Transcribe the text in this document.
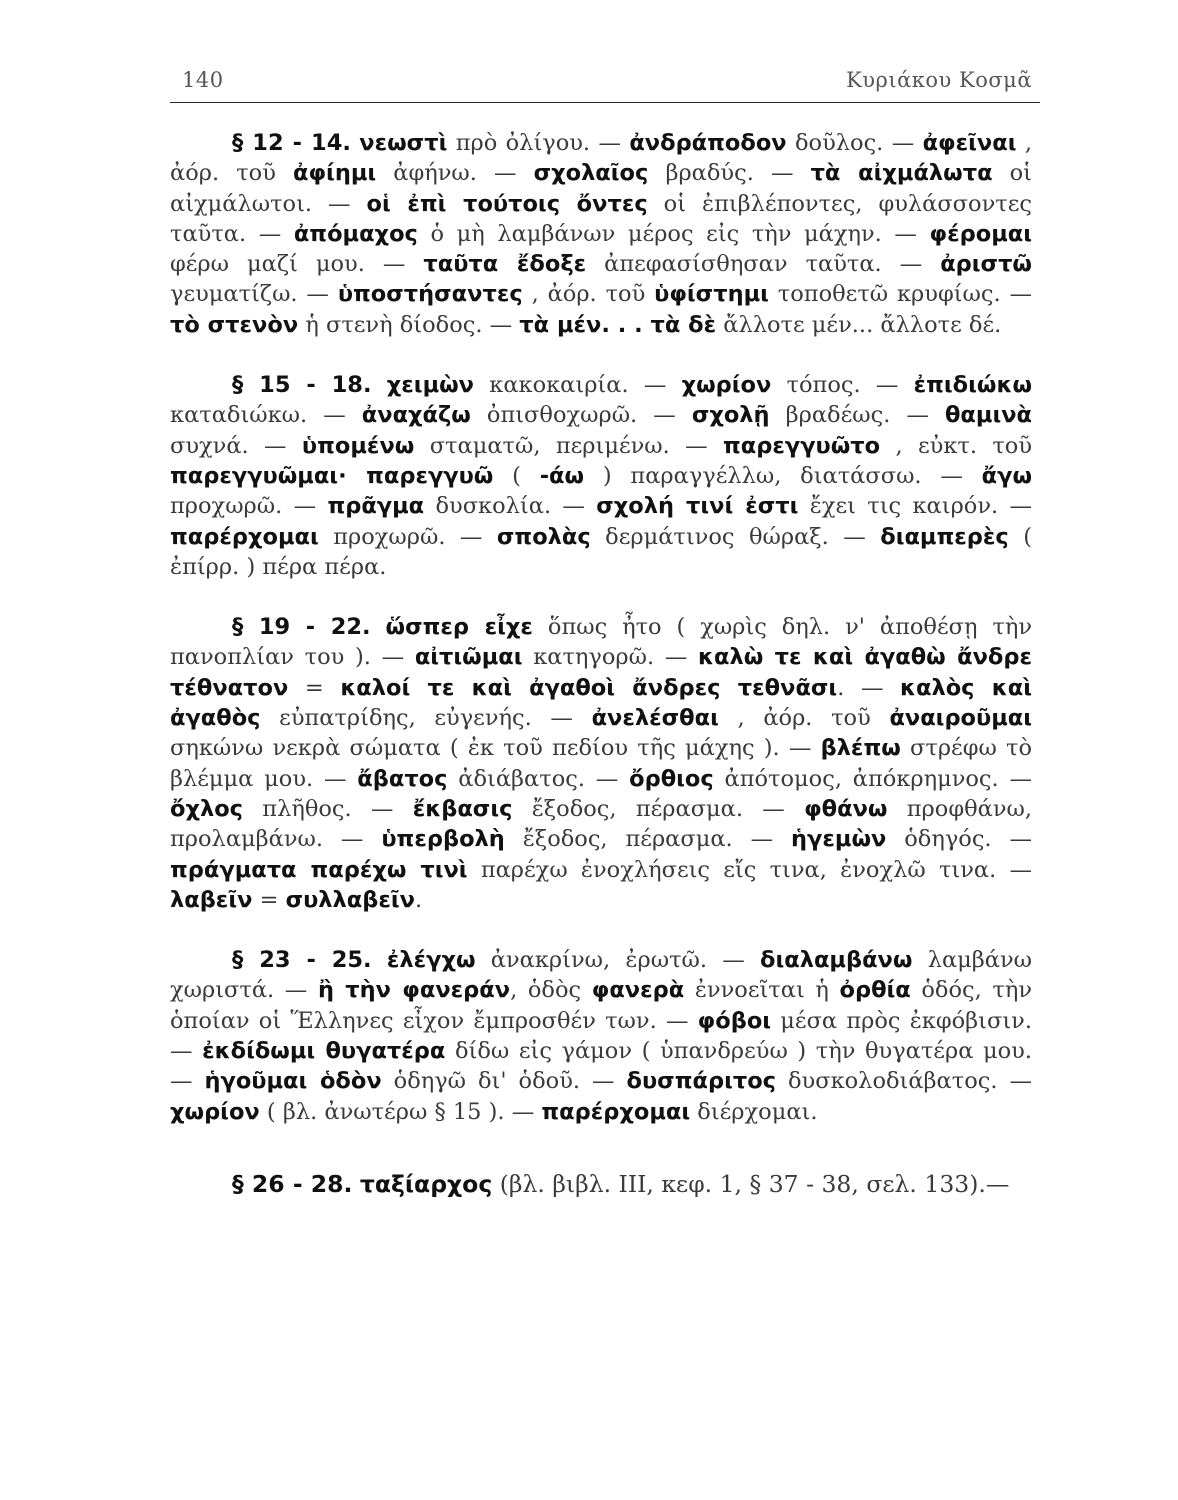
140	Κυριάκου Κοσμᾶ

§ 12 - 14. νεωστὶ πρὸ ὀλίγου. — ἀνδράποδον δοῦλος. — ἀφεῖναι , ἀόρ. τοῦ ἀφίημι ἀφήνω. — σχολαῖος βραδύς. — τὰ αἰχμάλωτα οἱ αἰχμάλωτοι. — οἱ ἐπὶ τούτοις ὄντες οἱ ἐπιβλέποντες, φυλάσσοντες ταῦτα. — ἀπόμαχος ὁ μὴ λαμβάνων μέρος εἰς τὴν μάχην. — φέρομαι φέρω μαζί μου. — ταῦτα ἔδοξε ἀπεφασίσθησαν ταῦτα. — ἀριστῶ γευματίζω. — ὑποστήσαντες , ἀόρ. τοῦ ὑφίστημι τοποθετῶ κρυφίως. — τὸ στενὸν ἡ στενὴ δίοδος. — τὰ μέν. . . τὰ δὲ ἄλλοτε μέν... ἄλλοτε δέ.

§ 15 - 18. χειμὼν κακοκαιρία. — χωρίον τόπος. — ἐπιδιώκω καταδιώκω. — ἀναχάζω ὀπισθοχωρῶ. — σχολῇ βραδέως. — θαμινὰ συχνά. — ὑπομένω σταματῶ, περιμένω. — παρεγγυῶτο , εὐκτ. τοῦ παρεγγυῶμαι· παρεγγυῶ ( -άω ) παραγγέλλω, διατάσσω. — ἄγω προχωρῶ. — πρᾶγμα δυσκολία. — σχολή τινί ἐστι ἔχει τις καιρόν. — παρέρχομαι προχωρῶ. — σπολὰς δερμάτινος θώραξ. — διαμπερὲς ( ἐπίρρ. ) πέρα πέρα.

§ 19 - 22. ὥσπερ εἶχε ὅπως ἦτο ( χωρὶς δηλ. ν' ἀποθέσῃ τὴν πανοπλίαν του ). — αἰτιῶμαι κατηγορῶ. — καλὼ τε καὶ ἀγαθὼ ἄνδρε τέθνατον = καλοί τε καὶ ἀγαθοὶ ἄνδρες τεθνᾶσι. — καλὸς καὶ ἀγαθὸς εὐπατρίδης, εὐγενής. — ἀνελέσθαι , ἀόρ. τοῦ ἀναιροῦμαι σηκώνω νεκρὰ σώματα ( ἐκ τοῦ πεδίου τῆς μάχης ). — βλέπω στρέφω τὸ βλέμμα μου. — ἄβατος ἀδιάβατος. — ὄρθιος ἀπότομος, ἀπόκρημνος. — ὄχλος πλῆθος. — ἔκβασις ἔξοδος, πέρασμα. — φθάνω προφθάνω, προλαμβάνω. — ὑπερβολὴ ἔξοδος, πέρασμα. — ἡγεμὼν ὁδηγός. — πράγματα παρέχω τινὶ παρέχω ἐνοχλήσεις εἴς τινα, ἐνοχλῶ τινα. — λαβεῖν = συλλαβεῖν.

§ 23 - 25. ἐλέγχω ἀνακρίνω, ἐρωτῶ. — διαλαμβάνω λαμβάνω χωριστά. — ἢ τὴν φανεράν, ὁδὸς φανερὰ ἐννοεῖται ἡ ὀρθία ὁδός, τὴν ὁποίαν οἱ Ἕλληνες εἶχον ἔμπροσθέν των. — φόβοι μέσα πρὸς ἐκφόβισιν. — ἐκδίδωμι θυγατέρα δίδω εἰς γάμον ( ὑπανδρεύω ) τὴν θυγατέρα μου. — ἡγοῦμαι ὁδὸν ὁδηγῶ δι' ὁδοῦ. — δυσπάριτος δυσκολοδιάβατος. — χωρίον ( βλ. ἀνωτέρω § 15 ). — παρέρχομαι διέρχομαι.

§ 26 - 28. ταξίαρχος (βλ. βιβλ. III, κεφ. 1, § 37 - 38, σελ. 133).—
